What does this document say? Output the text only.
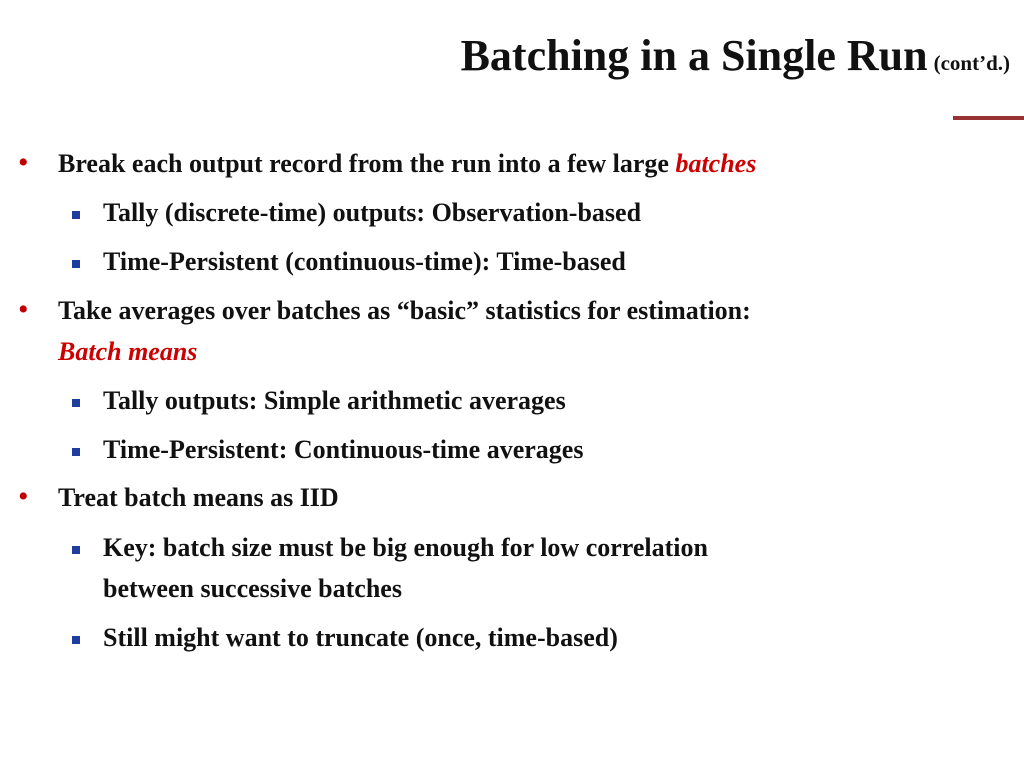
Batching in a Single Run (cont’d.)
•	Break each output record from the run into a few large batches
Tally (discrete-time) outputs: Observation-based
Time-Persistent (continuous-time): Time-based
•	Take averages over batches as “basic” statistics for estimation:
Batch means
Tally outputs: Simple arithmetic averages
Time-Persistent: Continuous-time averages
•	Treat batch means as IID
Key: batch size must be big enough for low correlation
between successive batches
Still might want to truncate (once, time-based)
